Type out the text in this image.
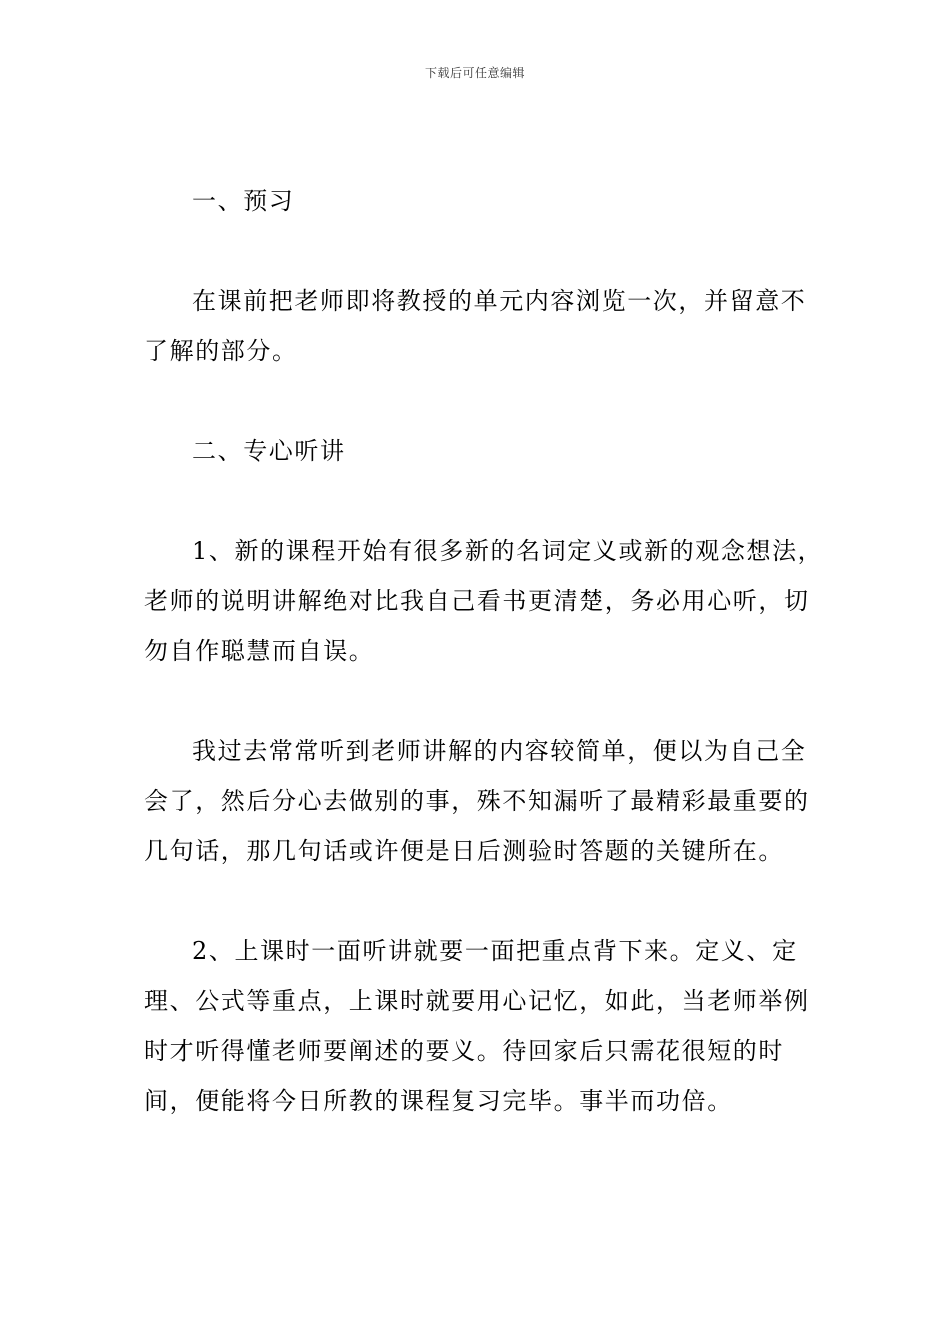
下载后可任意编辑

一、预习

在课前把老师即将教授的单元内容浏览一次，并留意不了解的部分。

二、专心听讲

1、新的课程开始有很多新的名词定义或新的观念想法，老师的说明讲解绝对比我自己看书更清楚，务必用心听，切勿自作聪慧而自误。

我过去常常听到老师讲解的内容较简单，便以为自己全会了，然后分心去做别的事，殊不知漏听了最精彩最重要的几句话，那几句话或许便是日后测验时答题的关键所在。

2、上课时一面听讲就要一面把重点背下来。定义、定理、公式等重点，上课时就要用心记忆，如此，当老师举例时才听得懂老师要阐述的要义。待回家后只需花很短的时间，便能将今日所教的课程复习完毕。事半而功倍。
